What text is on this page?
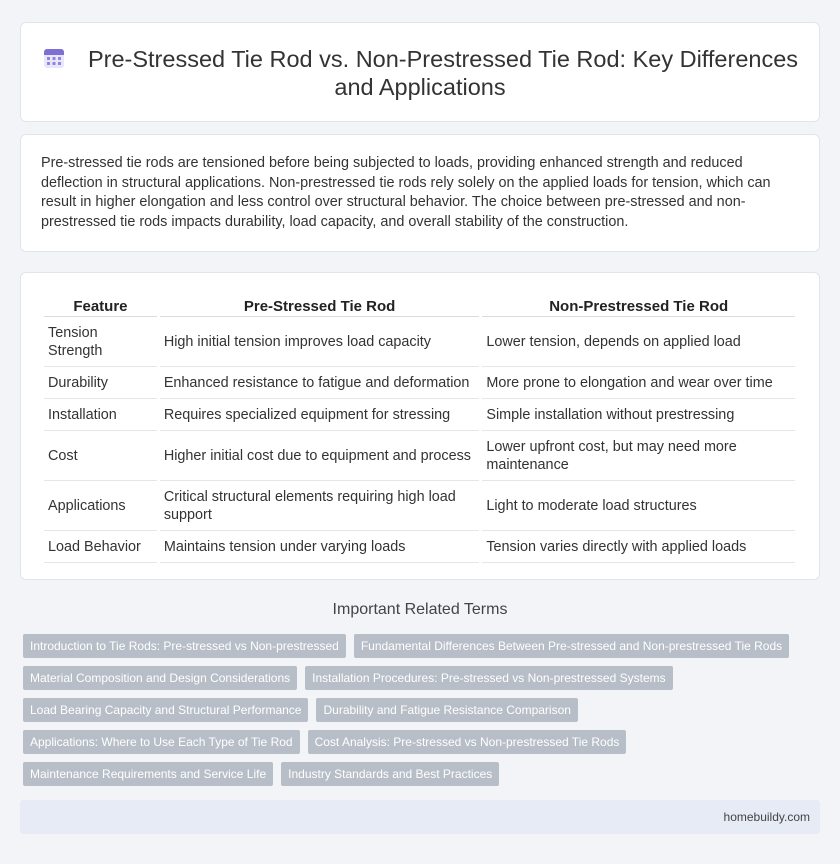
Pre-Stressed Tie Rod vs. Non-Prestressed Tie Rod: Key Differences and Applications

Pre-stressed tie rods are tensioned before being subjected to loads, providing enhanced strength and reduced deflection in structural applications. Non-prestressed tie rods rely solely on the applied loads for tension, which can result in higher elongation and less control over structural behavior. The choice between pre-stressed and non-prestressed tie rods impacts durability, load capacity, and overall stability of the construction.

Feature	Pre-Stressed Tie Rod	Non-Prestressed Tie Rod
Tension Strength	High initial tension improves load capacity	Lower tension, depends on applied load
Durability	Enhanced resistance to fatigue and deformation	More prone to elongation and wear over time
Installation	Requires specialized equipment for stressing	Simple installation without prestressing
Cost	Higher initial cost due to equipment and process	Lower upfront cost, but may need more maintenance
Applications	Critical structural elements requiring high load support	Light to moderate load structures
Load Behavior	Maintains tension under varying loads	Tension varies directly with applied loads
Important Related Terms
Introduction to Tie Rods: Pre-stressed vs Non-prestressed	Fundamental Differences Between Pre-stressed and Non-prestressed Tie Rods
Material Composition and Design Considerations	Installation Procedures: Pre-stressed vs Non-prestressed Systems
Load Bearing Capacity and Structural Performance	Durability and Fatigue Resistance Comparison
Applications: Where to Use Each Type of Tie Rod	Cost Analysis: Pre-stressed vs Non-prestressed Tie Rods
Maintenance Requirements and Service Life	Industry Standards and Best Practices
homebuildy.com
